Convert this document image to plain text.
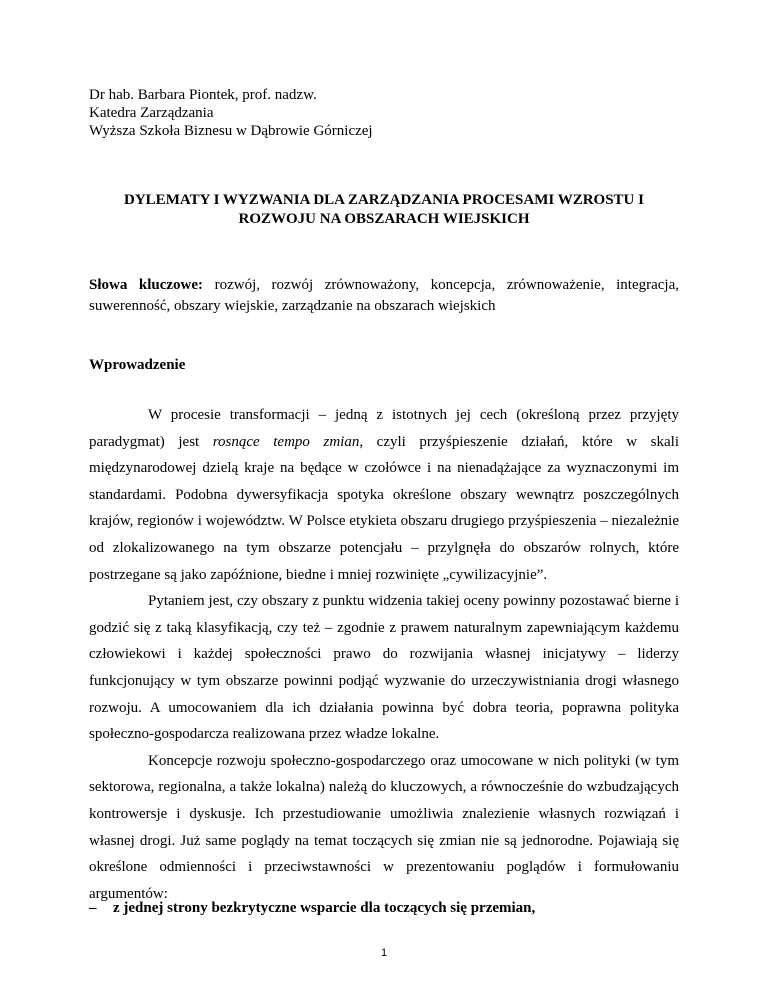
Dr hab. Barbara Piontek, prof. nadzw.
Katedra Zarządzania
Wyższa Szkoła Biznesu w Dąbrowie Górniczej
DYLEMATY I WYZWANIA DLA ZARZĄDZANIA PROCESAMI WZROSTU I
ROZWOJU NA OBSZARACH WIEJSKICH
Słowa kluczowe: rozwój, rozwój zrównoważony, koncepcja, zrównoważenie, integracja, suwerenność, obszary wiejskie, zarządzanie na obszarach wiejskich
Wprowadzenie

W procesie transformacji – jedną z istotnych jej cech (określoną przez przyjęty paradygmat) jest rosnące tempo zmian, czyli przyśpieszenie działań, które w skali międzynarodowej dzielą kraje na będące w czołówce i na nienadążające za wyznaczonymi im standardami. Podobna dywersyfikacja spotyka określone obszary wewnątrz poszczególnych krajów, regionów i województw. W Polsce etykieta obszaru drugiego przyśpieszenia – niezależnie od zlokalizowanego na tym obszarze potencjału – przylgnęła do obszarów rolnych, które postrzegane są jako zapóźnione, biedne i mniej rozwinięte „cywilizacyjnie”.

Pytaniem jest, czy obszary z punktu widzenia takiej oceny powinny pozostawać bierne i godzić się z taką klasyfikacją, czy też – zgodnie z prawem naturalnym zapewniającym każdemu człowiekowi i każdej społeczności prawo do rozwijania własnej inicjatywy – liderzy funkcjonujący w tym obszarze powinni podjąć wyzwanie do urzeczywistniania drogi własnego rozwoju. A umocowaniem dla ich działania powinna być dobra teoria, poprawna polityka społeczno-gospodarcza realizowana przez władze lokalne.

Koncepcje rozwoju społeczno-gospodarczego oraz umocowane w nich polityki (w tym sektorowa, regionalna, a także lokalna) należą do kluczowych, a równocześnie do wzbudzających kontrowersje i dyskusje. Ich przestudiowanie umożliwia znalezienie własnych rozwiązań i własnej drogi. Już same poglądy na temat toczących się zmian nie są jednorodne. Pojawiają się określone odmienności i przeciwstawności w prezentowaniu poglądów i formułowaniu argumentów:

– z jednej strony bezkrytyczne wsparcie dla toczących się przemian,
1
